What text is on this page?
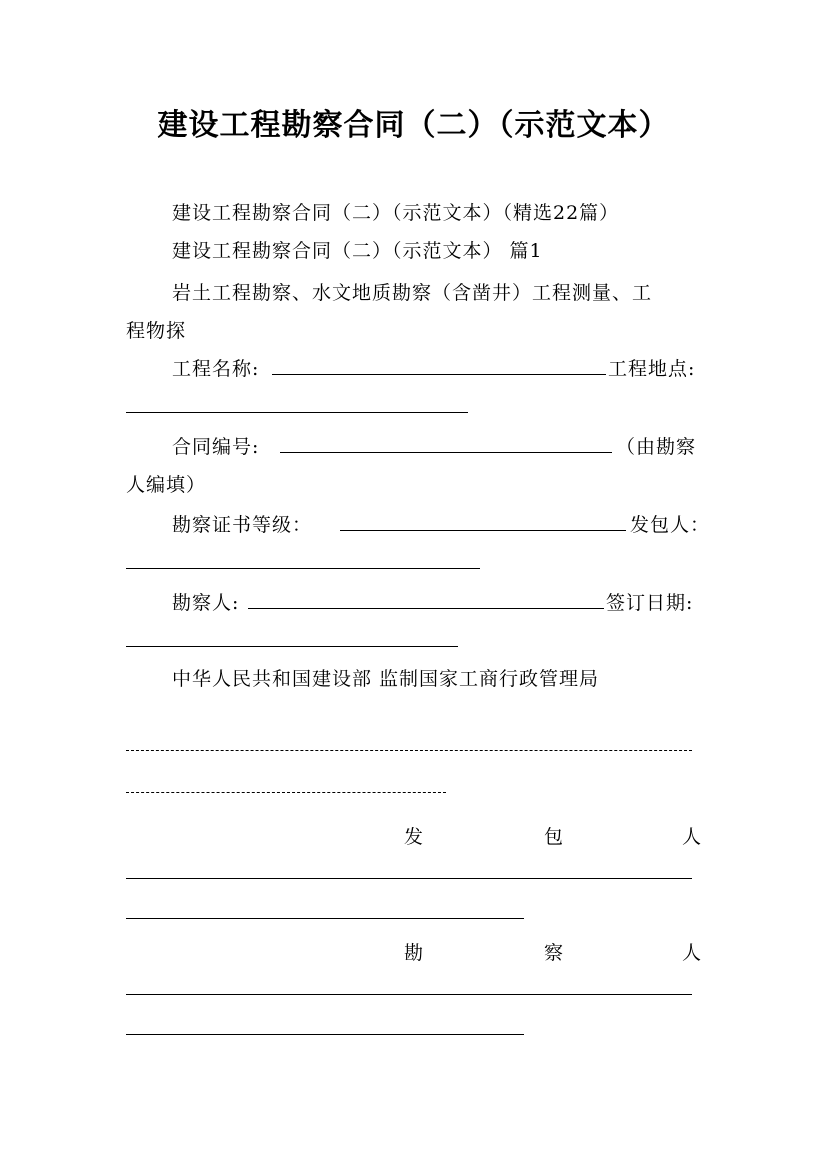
建设工程勘察合同（二）（示范文本）
建设工程勘察合同（二）（示范文本）（精选22篇）
建设工程勘察合同（二）（示范文本） 篇1
岩土工程勘察、水文地质勘察（含凿井）工程测量、工
程物探
工程名称:	工程地点:
合同编号:	（由勘察
人编填）
勘察证书等级：	发包人：
勘察人:	签订日期:
中华人民共和国建设部 监制国家工商行政管理局
发	包	人
勘	察	人
